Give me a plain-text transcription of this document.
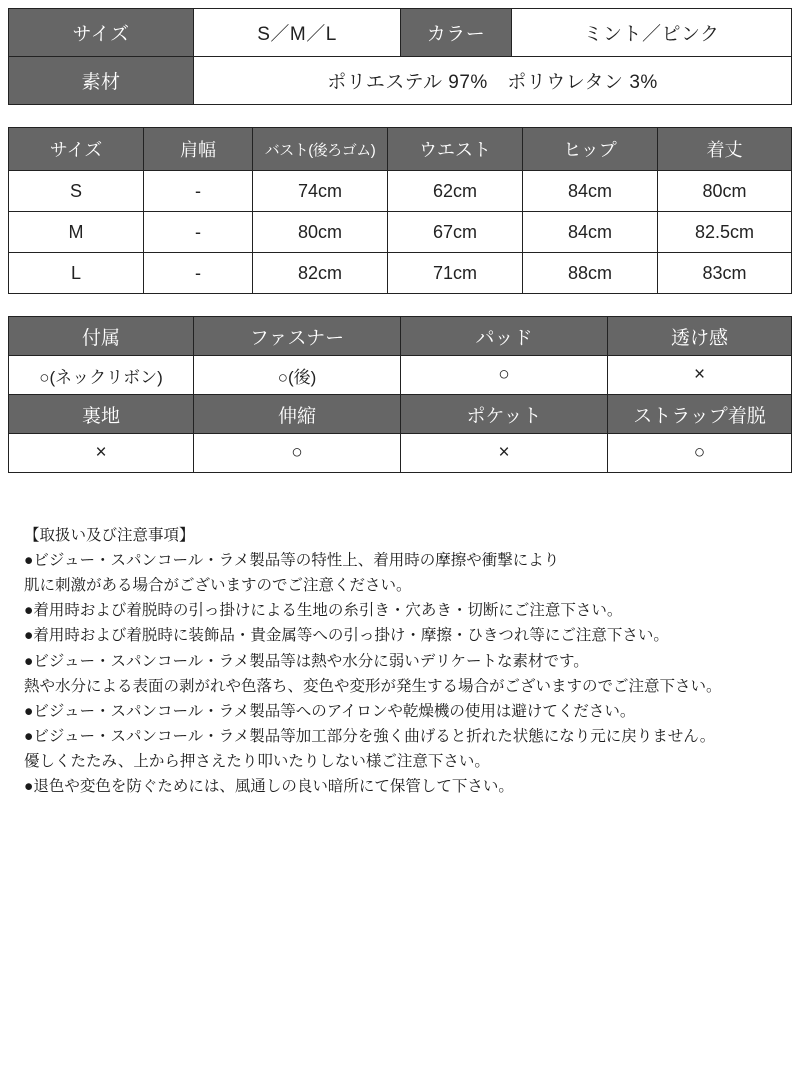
サイズ	S／M／L	カラー	ミント／ピンク
素材	ポリエステル 97%　ポリウレタン 3%		
サイズ	肩幅	バスト(後ろゴム)	ウエスト	ヒップ	着丈
S	-	74cm	62cm	84cm	80cm
M	-	80cm	67cm	84cm	82.5cm
L	-	82cm	71cm	88cm	83cm
付属	ファスナー	パッド	透け感
○(ネックリボン)	○(後)	○	×
裏地	伸縮	ポケット	ストラップ着脱
×	○	×	○
【取扱い及び注意事項】
●ビジュー・スパンコール・ラメ製品等の特性上、着用時の摩擦や衝撃により
肌に刺激がある場合がございますのでご注意ください。
●着用時および着脱時の引っ掛けによる生地の糸引き・穴あき・切断にご注意下さい。
●着用時および着脱時に装飾品・貴金属等への引っ掛け・摩擦・ひきつれ等にご注意下さい。
●ビジュー・スパンコール・ラメ製品等は熱や水分に弱いデリケートな素材です。
熱や水分による表面の剥がれや色落ち、変色や変形が発生する場合がございますのでご注意下さい。
●ビジュー・スパンコール・ラメ製品等へのアイロンや乾燥機の使用は避けてください。
●ビジュー・スパンコール・ラメ製品等加工部分を強く曲げると折れた状態になり元に戻りません。
優しくたたみ、上から押さえたり叩いたりしない様ご注意下さい。
●退色や変色を防ぐためには、風通しの良い暗所にて保管して下さい。
